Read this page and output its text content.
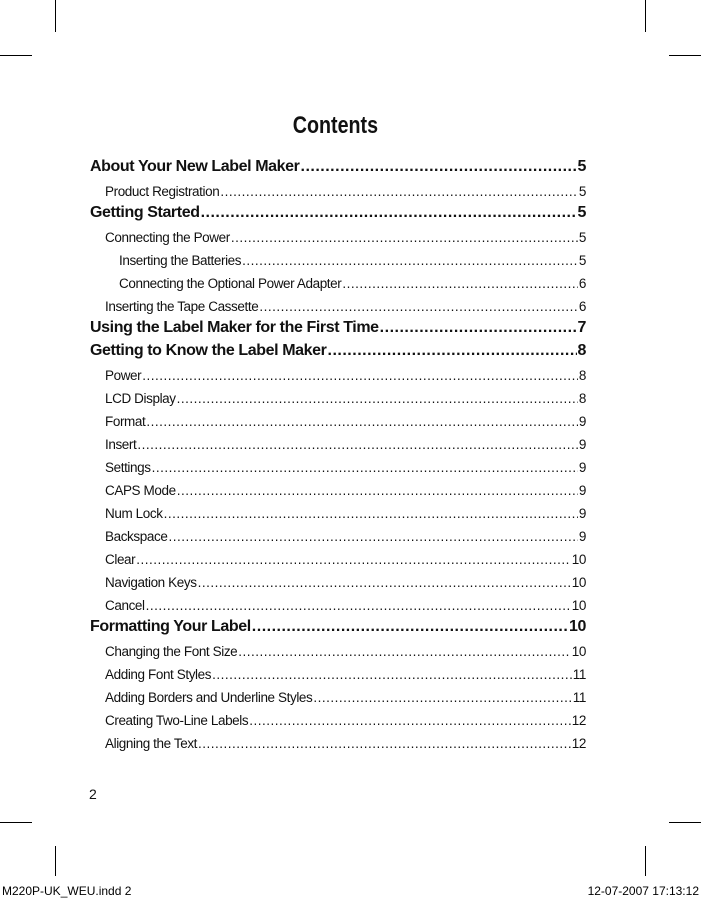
Contents
About Your New Label Maker .....	5
Product Registration .....	5
Getting Started .....	5
Connecting the Power .....	5
Inserting the Batteries .....	5
Connecting the Optional Power Adapter .....	6
Inserting the Tape Cassette .....	6
Using the Label Maker for the First Time .....	7
Getting to Know the Label Maker .....	8
Power .....	8
LCD Display .....	8
Format .....	9
Insert .....	9
Settings .....	9
CAPS Mode .....	9
Num Lock .....	9
Backspace .....	9
Clear .....	10
Navigation Keys .....	10
Cancel .....	10
Formatting Your Label .....	10
Changing the Font Size .....	10
Adding Font Styles .....	11
Adding Borders and Underline Styles .....	11
Creating Two-Line Labels .....	12
Aligning the Text .....	12
2
M220P-UK_WEU.indd 2	12-07-2007 17:13:12
